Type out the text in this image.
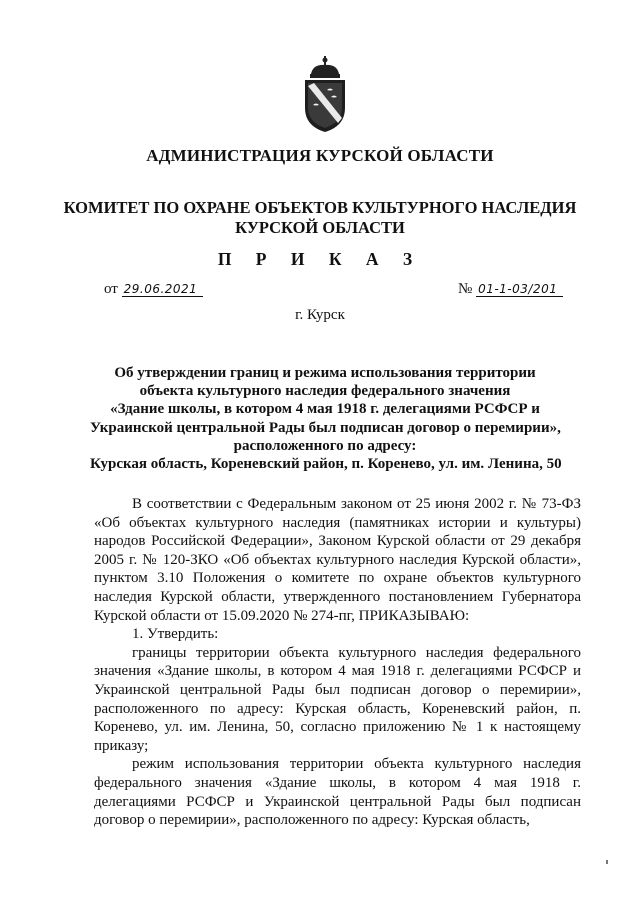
АДМИНИСТРАЦИЯ КУРСКОЙ ОБЛАСТИ
КОМИТЕТ ПО ОХРАНЕ ОБЪЕКТОВ КУЛЬТУРНОГО НАСЛЕДИЯ
КУРСКОЙ ОБЛАСТИ
П Р И К А З
от 29.06.2021	№ 01-1-03/201
г. Курск
Об утверждении границ и режима использования территории
объекта культурного наследия федерального значения
«Здание школы, в котором 4 мая 1918 г. делегациями РСФСР и
Украинской центральной Рады был подписан договор о перемирии»,
расположенного по адресу:
Курская область, Кореневский район, п. Коренево, ул. им. Ленина, 50

В соответствии с Федеральным законом от 25 июня 2002 г. № 73-ФЗ «Об объектах культурного наследия (памятниках истории и культуры) народов Российской Федерации», Законом Курской области от 29 декабря 2005 г. № 120-ЗКО «Об объектах культурного наследия Курской области», пунктом 3.10 Положения о комитете по охране объектов культурного наследия Курской области, утвержденного постановлением Губернатора Курской области от 15.09.2020 № 274-пг, ПРИКАЗЫВАЮ:

1. Утвердить:

границы территории объекта культурного наследия федерального значения «Здание школы, в котором 4 мая 1918 г. делегациями РСФСР и Украинской центральной Рады был подписан договор о перемирии», расположенного по адресу: Курская область, Кореневский район, п. Коренево, ул. им. Ленина, 50, согласно приложению № 1 к настоящему приказу;

режим использования территории объекта культурного наследия федерального значения «Здание школы, в котором 4 мая 1918 г. делегациями РСФСР и Украинской центральной Рады был подписан договор о перемирии», расположенного по адресу: Курская область,
